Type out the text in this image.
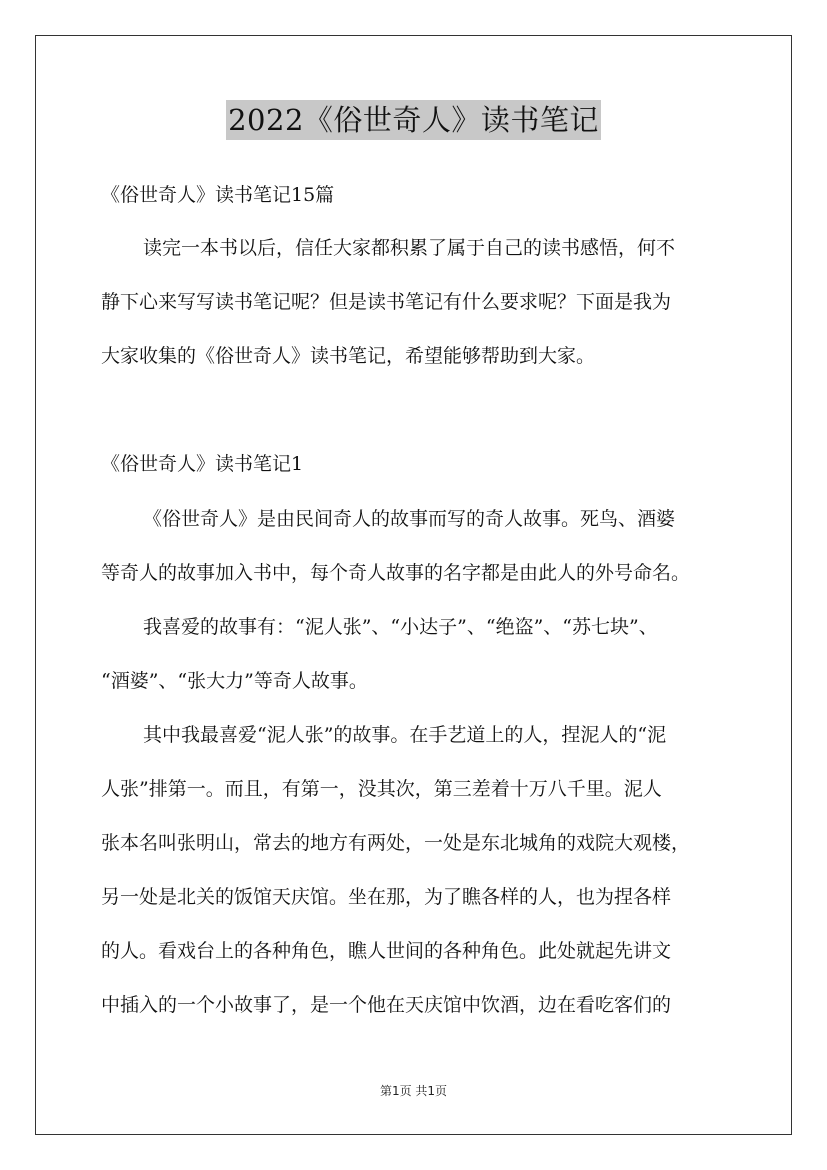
2022《俗世奇人》读书笔记
《俗世奇人》读书笔记15篇
读完一本书以后，信任大家都积累了属于自己的读书感悟，何不
静下心来写写读书笔记呢？但是读书笔记有什么要求呢？下面是我为
大家收集的《俗世奇人》读书笔记，希望能够帮助到大家。
《俗世奇人》读书笔记1
《俗世奇人》是由民间奇人的故事而写的奇人故事。死鸟、酒婆
等奇人的故事加入书中，每个奇人故事的名字都是由此人的外号命名。
我喜爱的故事有：“泥人张”、“小达子”、“绝盗”、“苏七块”、
“酒婆”、“张大力”等奇人故事。
其中我最喜爱“泥人张”的故事。在手艺道上的人，捏泥人的“泥
人张”排第一。而且，有第一，没其次，第三差着十万八千里。泥人
张本名叫张明山，常去的地方有两处，一处是东北城角的戏院大观楼，
另一处是北关的饭馆天庆馆。坐在那，为了瞧各样的人，也为捏各样
的人。看戏台上的各种角色，瞧人世间的各种角色。此处就起先讲文
中插入的一个小故事了，是一个他在天庆馆中饮酒，边在看吃客们的
第1页 共1页
